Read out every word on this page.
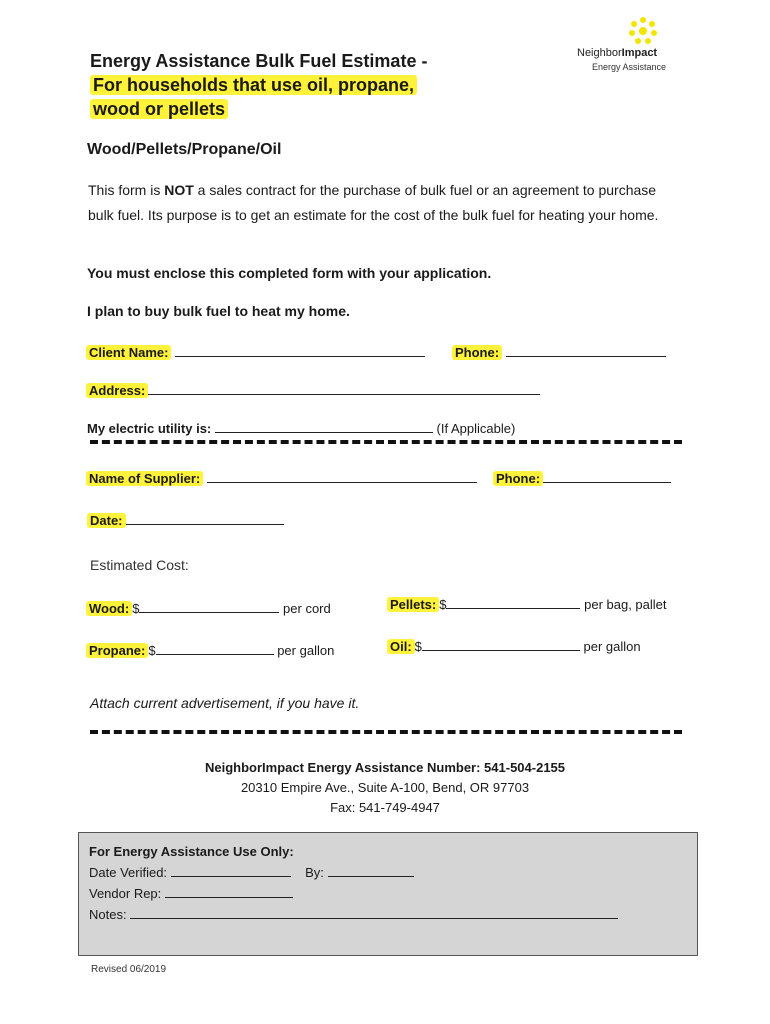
Energy Assistance Bulk Fuel Estimate -
For households that use oil, propane,
wood or pellets
NeighborImpact
Energy Assistance
Wood/Pellets/Propane/Oil
This form is NOT a sales contract for the purchase of bulk fuel or an agreement to purchase bulk fuel. Its purpose is to get an estimate for the cost of the bulk fuel for heating your home.
You must enclose this completed form with your application.
I plan to buy bulk fuel to heat my home.
Client Name:	Phone:
Address:
My electric utility is:	(If Applicable)
Name of Supplier:	Phone:
Date:
Estimated Cost:
Wood: $	per cord	Pellets: $	per bag, pallet
Propane: $	per gallon	Oil: $	per gallon
Attach current advertisement, if you have it.
NeighborImpact Energy Assistance Number: 541-504-2155
20310 Empire Ave., Suite A-100, Bend, OR 97703
Fax: 541-749-4947
For Energy Assistance Use Only:
Date Verified:	By:
Vendor Rep:
Notes:
Revised 06/2019
